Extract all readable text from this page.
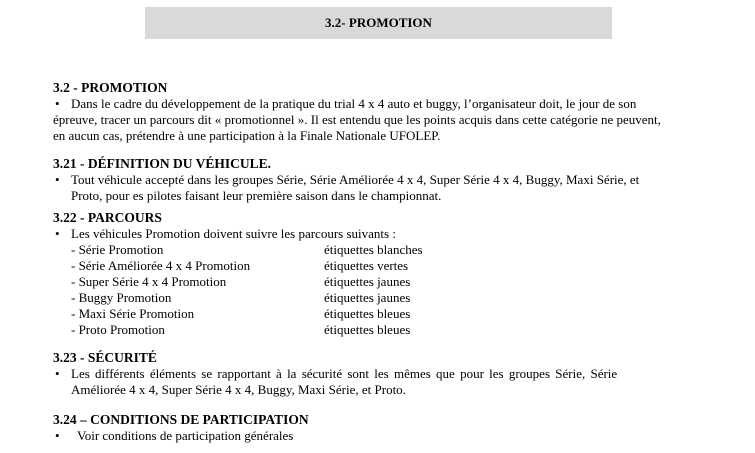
3.2- PROMOTION
3.2 - PROMOTION
• Dans le cadre du développement de la pratique du trial 4 x 4 auto et buggy, l’organisateur doit, le jour de son
épreuve, tracer un parcours dit « promotionnel ». Il est entendu que les points acquis dans cette catégorie ne peuvent,
en aucun cas, prétendre à une participation à la Finale Nationale UFOLEP.
3.21 - DÉFINITION DU VÉHICULE.
• Tout véhicule accepté dans les groupes Série, Série Améliorée 4 x 4, Super Série 4 x 4, Buggy, Maxi Série, et
Proto, pour es pilotes faisant leur première saison dans le championnat.
3.22 - PARCOURS
• Les véhicules Promotion doivent suivre les parcours suivants :
- Série Promotion	étiquettes blanches
- Série Améliorée 4 x 4 Promotion	étiquettes vertes
- Super Série 4 x 4 Promotion	étiquettes jaunes
- Buggy Promotion	étiquettes jaunes
- Maxi Série Promotion	étiquettes bleues
- Proto Promotion	étiquettes bleues
3.23 - SÉCURITÉ
• Les différents éléments se rapportant à la sécurité sont les mêmes que pour les groupes Série, Série
Améliorée 4 x 4, Super Série 4 x 4, Buggy, Maxi Série, et Proto.
3.24 – CONDITIONS DE PARTICIPATION
•	Voir conditions de participation générales
